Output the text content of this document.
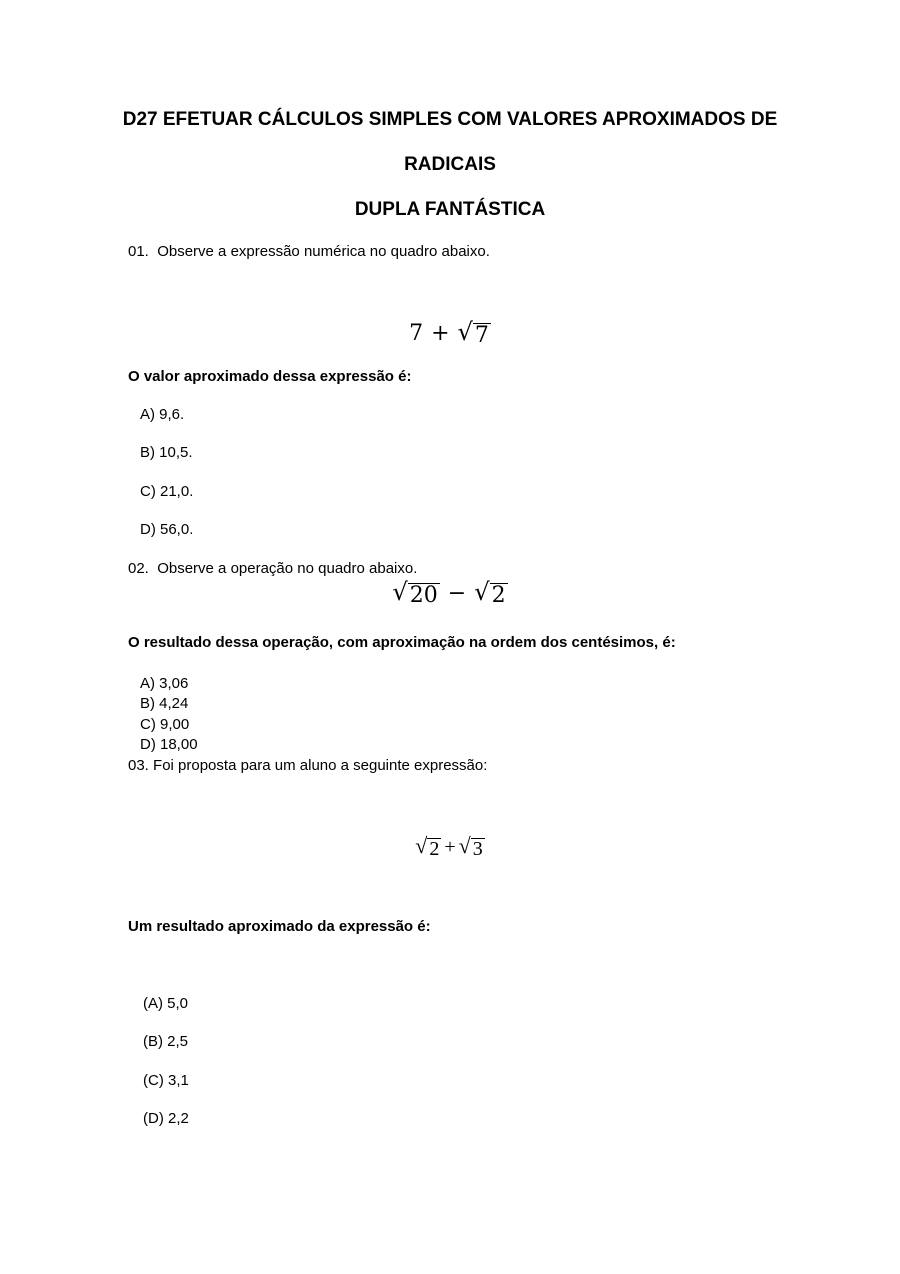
D27 EFETUAR CÁLCULOS SIMPLES COM VALORES APROXIMADOS DE
RADICAIS
DUPLA FANTÁSTICA
01. Observe a expressão numérica no quadro abaixo.
7 + √ 7
O valor aproximado dessa expressão é:
A) 9,6.
B) 10,5.
C) 21,0.
D) 56,0.
02. Observe a operação no quadro abaixo.
√ 20 − √ 2
O resultado dessa operação, com aproximação na ordem dos centésimos, é:
A) 3,06
B) 4,24
C) 9,00
D) 18,00
03. Foi proposta para um aluno a seguinte expressão:
√ 2 + √ 3
Um resultado aproximado da expressão é:
(A) 5,0
(B) 2,5
(C) 3,1
(D) 2,2
